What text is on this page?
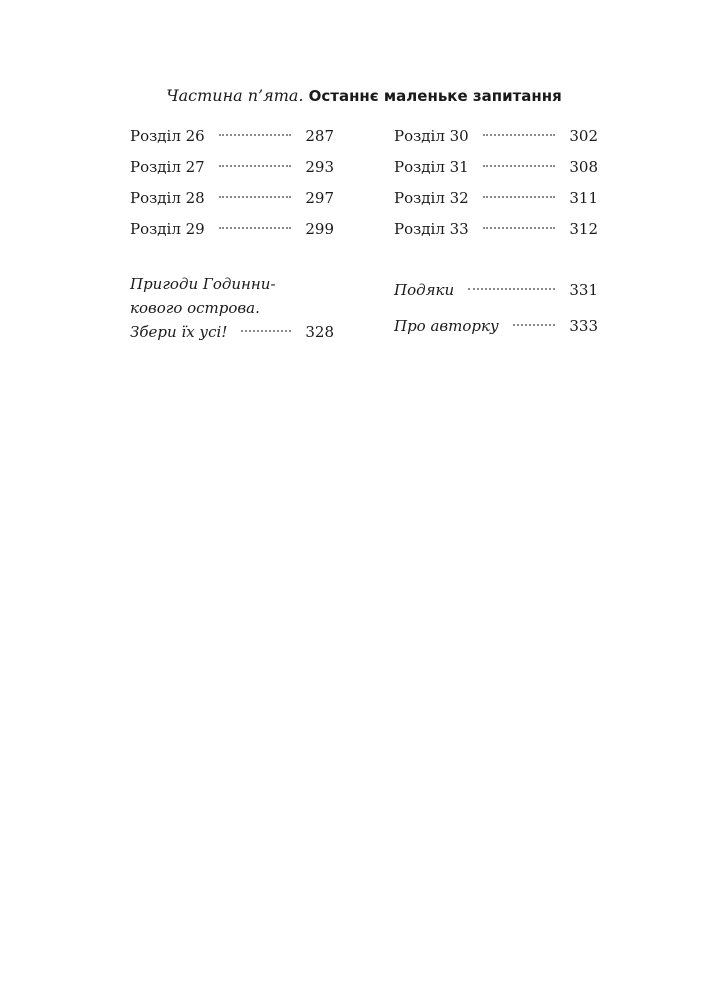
Частина п’ята. Останнє маленьке запитання
Розділ 26	287
Розділ 27	293
Розділ 28	297
Розділ 29	299
Розділ 30	302
Розділ 31	308
Розділ 32	311
Розділ 33	312
Пригоди Годинни-
кового острова.
Збери їх усі!	328
Подяки	331
Про авторку	333
